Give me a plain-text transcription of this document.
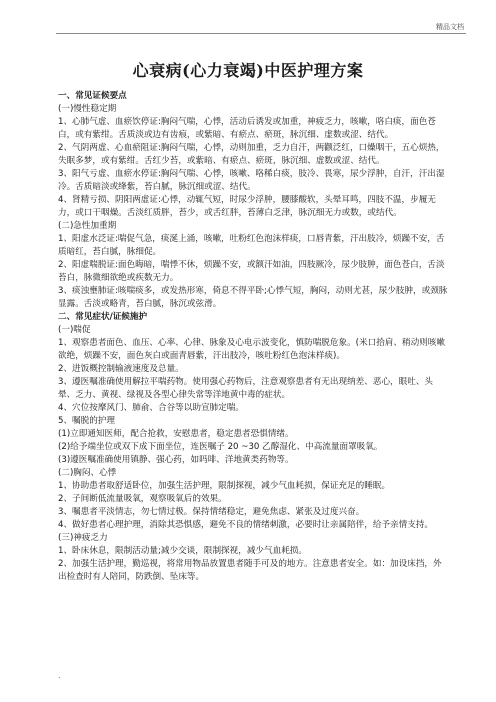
精品文档
心衰病(心力衰竭)中医护理方案

一、常见证候要点

(一)慢性稳定期

1、心肺气虚、血瘀饮停证:胸闷气喘，心悸，活动后诱发或加重，神疲乏力，咳嗽，咯白痰，面色苍白，或有紫绀。舌质淡或边有齿痕，或紫暗、有瘀点、瘀斑，脉沉细、虚数或涩、结代。

2、气阴两虚、心血瘀阻证:胸闷气喘，心悸，动则加重，乏力自汗，两颧泛红，口燥咽干，五心烦热，失眠多梦，或有紫绀。舌红少苔，或紫暗、有瘀点、瘀斑，脉沉细、虚数或涩、结代。

3、阳气亏虚、血瘀水停证:胸闷气喘、心悸，咳嗽、咯稀白痰，肢冷、畏寒，尿少浮肿，自汗，汗出湿冷。舌质暗淡或绛紫，苔白腻，脉沉细或涩、结代。

4、肾精亏损、阴阳两虚证:心悸，动辄气短，时尿少浮肿，腰膝酸软，头晕耳鸣，四肢不温，步履无力，或口干咽燥。舌淡红质胖，苔少，或舌红胖，苔薄白乏津，脉沉细无力或数，或结代。

(二)急性加重期

1、阳虚水泛证:喘促气急，痰涎上涌，咳嗽，吐粉红色泡沫样痰，口唇青紫，汗出肢冷，烦躁不安，舌质暗红，苔白腻，脉细促。

2、阳虚喘脱证:面色晦暗，喘悸不休，烦躁不安，或额汗如油，四肢厥冷，尿少肢肿，面色苍白，舌淡苔白，脉微细欲绝或疾数无力。

3、痰浊壅肺证:咳喘痰多，或发热形寒，倚息不得平卧;心悸气短，胸闷，动则尤甚，尿少肢肿，或颈脉显露。舌淡或略青，苔白腻，脉沉或弦滑。

二、常见症状/证候施护

(一)喘促

1、观察患者面色、血压、心率、心律、脉象及心电示波变化，慎防喘脱危象。(米口拾肩、稍动则咳嗽欲绝，烦躁不安，面色灰白或面青唇紫，汗出肢冷，咳吐粉红色泡沫样痰)。

2、进饭概控制输液速度及总量。

3、遵医嘱准确使用解拉平喘药物。使用强心药物后，注意观察患者有无出现纳差、恶心，眼吐、头晕、乏力、黄视、绿视及各型心律失常等洋地黄中毒的症状。

4、穴位按摩风门、肺俞、合谷等以助宣肺定喘。

5、嘱脱的护理

(1)立即通知医师，配合抢救，安慰患者，稳定患者恐惧情绪。

(2)给予端坐位或双下成下面坐位，连医嘱子 20 ~30 乙醇湿化、中高流量面罩吸氧。

(3)遵医嘱准确使用镇静、强心药，如吗啡、洋地黄类药物等。

(二)胸闷、心悸

1、协助患者取舒适卧位，加强生活护理，限制探视，减少气血耗损，保证充足的睡眠。

2、子间断低流量吸氧，观察吸氧后的效果。

3、嘱患者平淡情志，勿七情过极。保持情绪稳定，避免焦虑、紧张及过度兴奋。

4、做好患者心理护理，消除其恐惧感，避免不良的情绪刺激，必要时让亲属陪伴，给予亲情支持。

(三)神疲乏力

1、卧床休息，限制活动量;减少交谈，限制探视，减少气血耗损。

2、加强生活护理，勤巡视，将常用物品放置患者随手可及的地方。注意患者安全。如：加设床挡，外出检查时有人陪同，防跌倒、坠床等。

.
